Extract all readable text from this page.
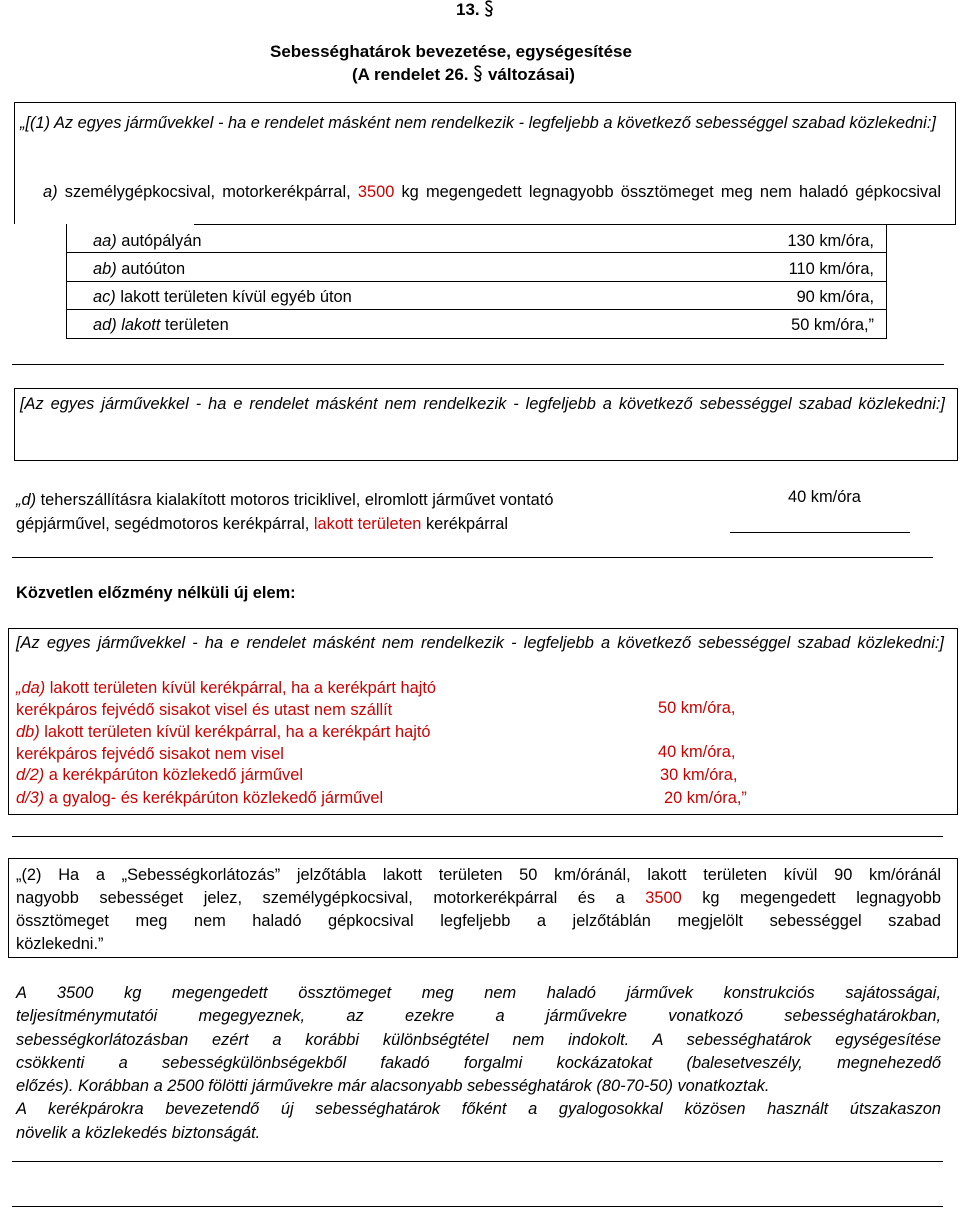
13.
Sebességhatárok bevezetése, egységesítése
(A rendelet 26.  változásai)
„[(1) Az egyes járművekkel - ha e rendelet másként nem rendelkezik - legfeljebb a következő sebességgel szabad közlekedni:]
a) személygépkocsival, motorkerékpárral, 3500 kg megengedett legnagyobb össztömeget meg nem haladó gépkocsival
aa) autópályán	130 km/óra,
ab) autóúton	110 km/óra,
ac) lakott területen kívül egyéb úton	90 km/óra,
ad) lakott területen	50 km/óra,”
[Az egyes járművekkel - ha e rendelet másként nem rendelkezik - legfeljebb a következő sebességgel szabad közlekedni:]
„d) teherszállításra kialakított motoros triciklivel, elromlott járművet vontató
gépjárművel, segédmotoros kerékpárral, lakott területen kerékpárral
40 km/óra
Közvetlen előzmény nélküli új elem:
[Az egyes járművekkel - ha e rendelet másként nem rendelkezik - legfeljebb a következő sebességgel szabad közlekedni:]
„da) lakott területen kívül kerékpárral, ha a kerékpárt hajtó
kerékpáros fejvédő sisakot visel és utast nem szállít	50 km/óra,
db) lakott területen kívül kerékpárral, ha a kerékpárt hajtó
kerékpáros fejvédő sisakot nem visel	40 km/óra,
d/2) a kerékpárúton közlekedő járművel	30 km/óra,
d/3) a gyalog- és kerékpárúton közlekedő járművel	20 km/óra,”
„(2) Ha a „Sebességkorlátozás” jelzőtábla lakott területen 50 km/óránál, lakott területen kívül 90 km/óránál
nagyobb sebességet jelez, személygépkocsival, motorkerékpárral és a 3500 kg megengedett legnagyobb
össztömeget meg nem haladó gépkocsival legfeljebb a jelzőtáblán megjelölt sebességgel szabad
közlekedni.”
A 3500 kg megengedett össztömeget meg nem haladó járművek konstrukciós sajátosságai,
teljesítménymutatói megegyeznek, az ezekre a járművekre vonatkozó sebességhatárokban,
sebességkorlátozásban ezért a korábbi különbségtétel nem indokolt. A sebességhatárok egységesítése
csökkenti a sebességkülönbségekből fakadó forgalmi kockázatokat (balesetveszély, megnehezedő
előzés). Korábban a 2500 fölötti járművekre már alacsonyabb sebességhatárok (80-70-50) vonatkoztak.
A kerékpárokra bevezetendő új sebességhatárok főként a gyalogosokkal közösen használt útszakaszon
növelik a közlekedés biztonságát.
